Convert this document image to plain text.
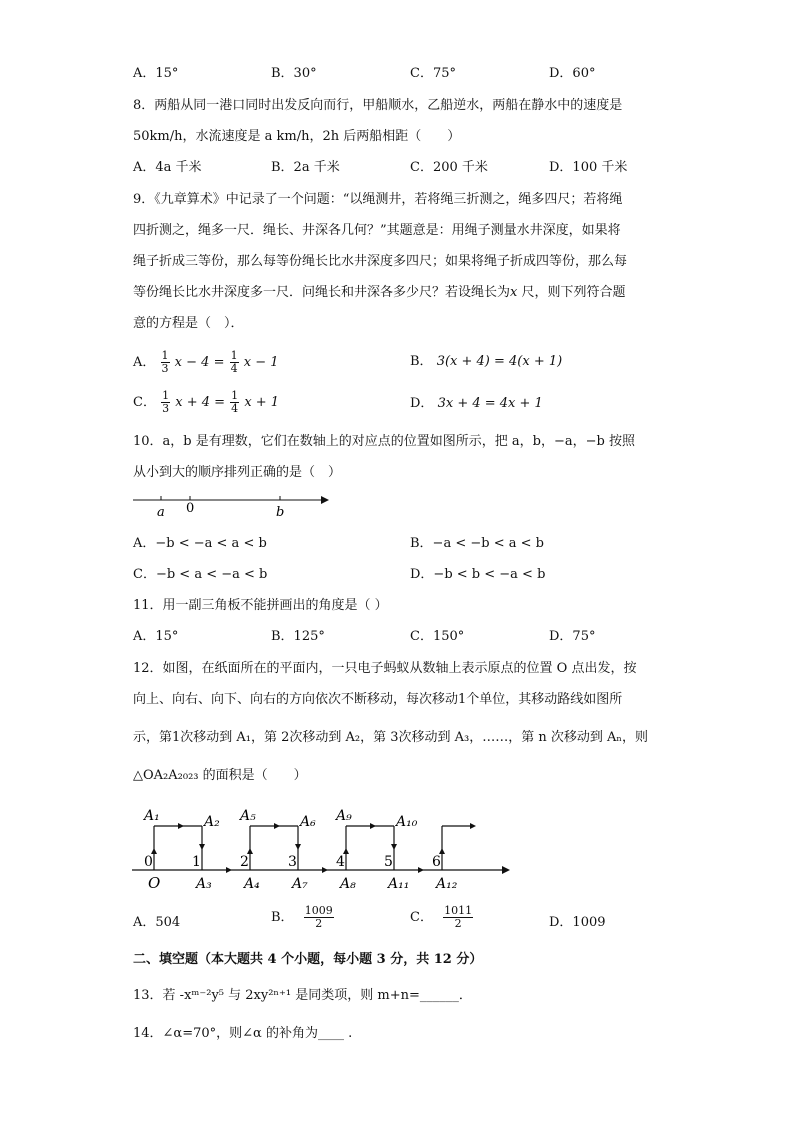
A．15°	B．30°	C．75°	D．60°
8．两船从同一港口同时出发反向而行，甲船顺水，乙船逆水，两船在静水中的速度是
50km/h，水流速度是 a km/h，2h 后两船相距（　　）
A．4a 千米	B．2a 千米	C．200 千米	D．100 千米
9．《九章算术》中记录了一个问题：“以绳测井，若将绳三折测之，绳多四尺；若将绳
四折测之，绳多一尺．绳长、井深各几何？”其题意是：用绳子测量水井深度，如果将
绳子折成三等份，那么每等份绳长比水井深度多四尺；如果将绳子折成四等份，那么每
等份绳长比水井深度多一尺．问绳长和井深各多少尺？若设绳长为x 尺，则下列符合题
意的方程是（　）．
A． $\frac{1}{3}$ $x - 4 = \frac{1}{4}$ x − 1	B． 3(x + 4) = 4(x + 1)
C． $\frac{1}{3}$ $x + 4 = \frac{1}{4}$ x + 1	D． 3x + 4 = 4x + 1
10．a，b 是有理数，它们在数轴上的对应点的位置如图所示，把 a，b，−a，−b 按照
从小到大的顺序排列正确的是（　）
a 0	b
A．−b < −a < a < b	B．−a < −b < a < b
C．−b < a < −a < b	D．−b < b < −a < b
11．用一副三角板不能拼画出的角度是（ ）
A．15°	B．125°	C．150°	D．75°
12．如图，在纸面所在的平面内，一只电子蚂蚁从数轴上表示原点的位置 O 点出发，按
向上、向右、向下、向右的方向依次不断移动，每次移动1个单位，其移动路线如图所
示，第1次移动到 A₁，第 2次移动到 A₂，第 3次移动到 A₃，……，第 n 次移动到 Aₙ，则
△OA₂A₂₀₂₃ 的面积是（　　）
O
0	1	2	3	4	5	6
A₁	A₂ A₅	A₆ A₉	A₁₀
A₃ A₄ A₇ A₈ A₁₁ A₁₂
A．504	B． $\frac{1009}{2}$	C． $\frac{1011}{2}$	D．1009
二、填空题（本大题共 4 个小题，每小题 3 分，共 12 分）
13．若 -xᵐ⁻²y⁵ 与 2xy²ⁿ⁺¹ 是同类项，则 m+n=______．
14．∠α=70°，则∠α 的补角为____ .
